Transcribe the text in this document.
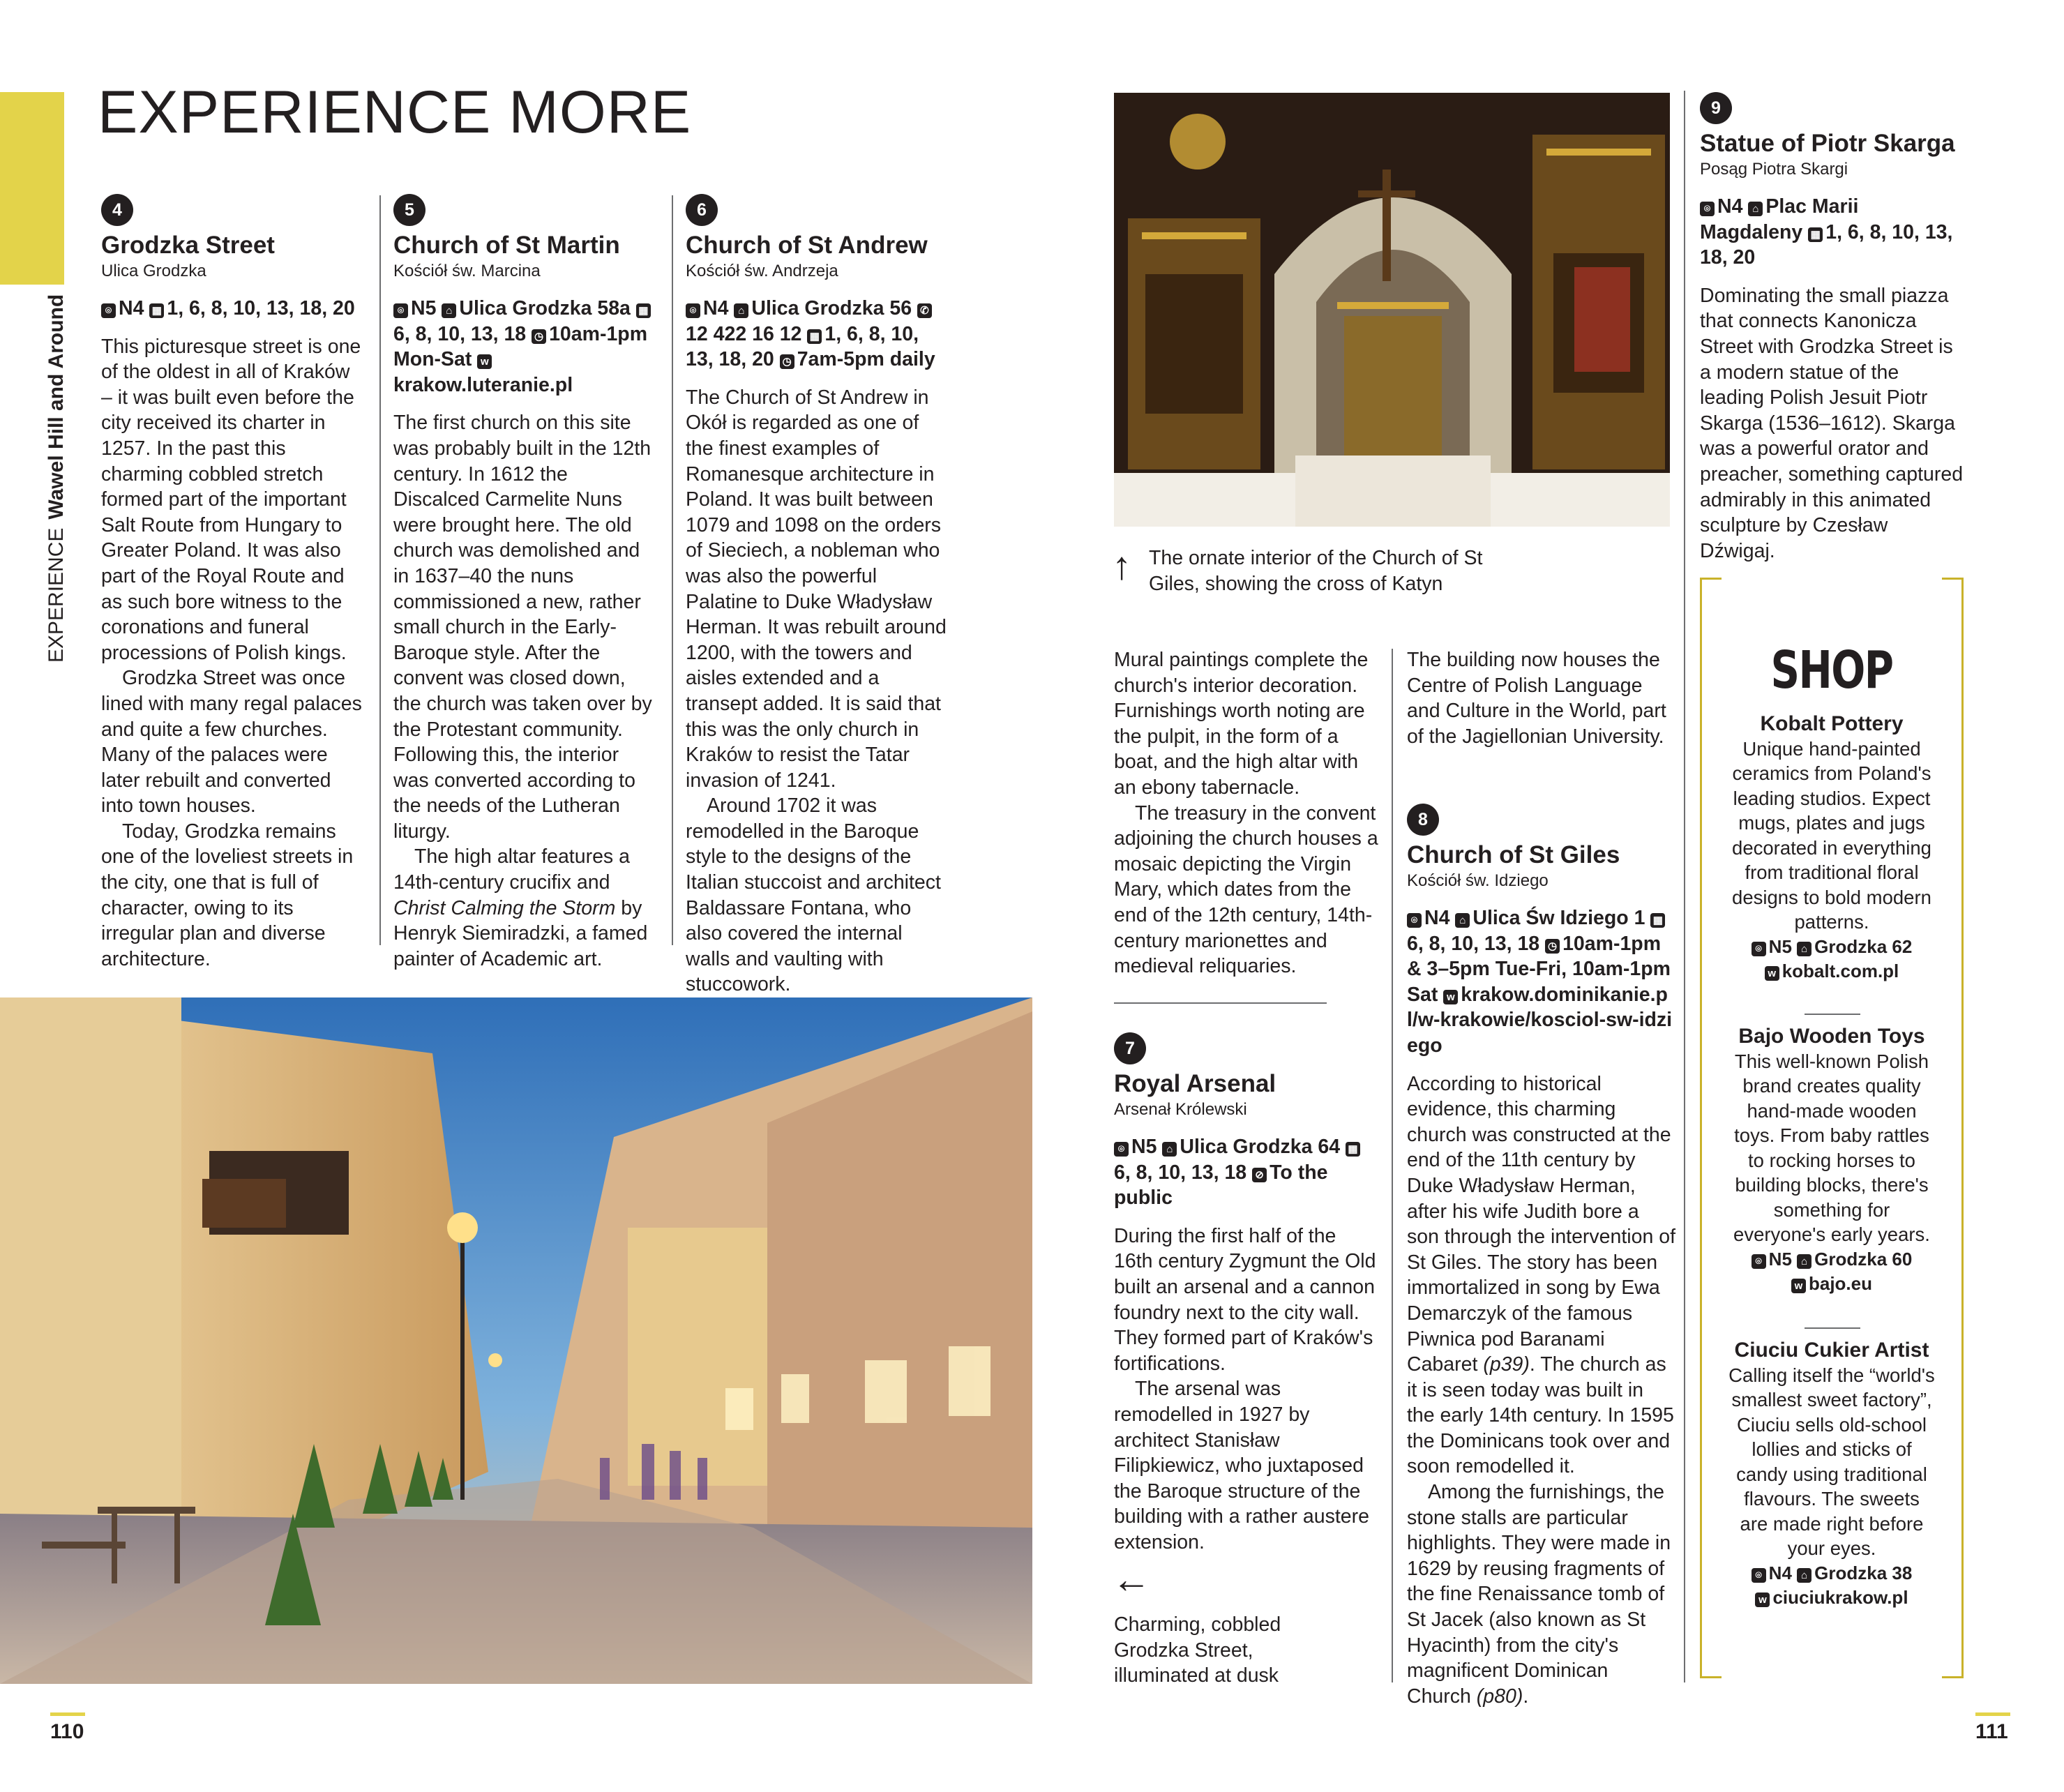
EXPERIENCEWawel Hill and Around
EXPERIENCE MORE
4
Grodzka Street
Ulica Grodzka
⌾ N4 ▦ 1, 6, 8, 10, 13, 18, 20

This picturesque street is one of the oldest in all of Kraków – it was built even before the city received its charter in 1257. In the past this charming cobbled stretch formed part of the important Salt Route from Hungary to Greater Poland. It was also part of the Royal Route and as such bore witness to the coronations and funeral processions of Polish kings.

Grodzka Street was once lined with many regal palaces and quite a few churches. Many of the palaces were later rebuilt and converted into town houses.

Today, Grodzka remains one of the loveliest streets in the city, one that is full of character, owing to its irregular plan and diverse architecture.

5
Church of St Martin
Kościół św. Marcina
⌾ N5 ⌂ Ulica Grodzka 58a ▦6, 8, 10, 13, 18 ◷ 10am-1pm Mon-Sat wkrakow.luteranie.pl

The first church on this site was probably built in the 12th century. In 1612 the Discalced Carmelite Nuns were brought here. The old church was demolished and in 1637–40 the nuns commissioned a new, rather small church in the Early-Baroque style. After the convent was closed down, the church was taken over by the Protestant community. Following this, the interior was converted according to the needs of the Lutheran liturgy.

The high altar features a 14th-century crucifix and Christ Calming the Storm by Henryk Siemiradzki, a famed painter of Academic art.

6
Church of St Andrew
Kościół św. Andrzeja
⌾ N4 ⌂ Ulica Grodzka 56 ✆12 422 16 12 ▦ 1, 6, 8, 10, 13, 18, 20 ◷ 7am-5pm daily

The Church of St Andrew in Okół is regarded as one of the finest examples of Romanesque architecture in Poland. It was built between 1079 and 1098 on the orders of Sieciech, a nobleman who was also the powerful Palatine to Duke Władysław Herman. It was rebuilt around 1200, with the towers and aisles extended and a transept added. It is said that this was the only church in Kraków to resist the Tatar invasion of 1241.

Around 1702 it was remodelled in the Baroque style to the designs of the Italian stuccoist and architect Baldassare Fontana, who also covered the internal walls and vaulting with stuccowork.

↑ The ornate interior of the Church of St Giles, showing the cross of Katyn

Mural paintings complete the church's interior decoration. Furnishings worth noting are the pulpit, in the form of a boat, and the high altar with an ebony tabernacle.

The treasury in the convent adjoining the church houses a mosaic depicting the Virgin Mary, which dates from the end of the 12th century, 14th-century marionettes and medieval reliquaries.

7
Royal Arsenal
Arsenał Królewski
⌾ N5 ⌂ Ulica Grodzka 64 ▦6, 8, 10, 13, 18 ⊘ To the public

During the first half of the 16th century Zygmunt the Old built an arsenal and a cannon foundry next to the city wall. They formed part of Kraków's fortifications.

The arsenal was remodelled in 1927 by architect Stanisław Filipkiewicz, who juxtaposed the Baroque structure of the building with a rather austere extension.

←
Charming, cobbled Grodzka Street, illuminated at dusk

The building now houses the Centre of Polish Language and Culture in the World, part of the Jagiellonian University.

8
Church of St Giles
Kościół św. Idziego
⌾ N4 ⌂ Ulica Św Idziego 1 ▦6, 8, 10, 13, 18 ◷ 10am-1pm & 3–5pm Tue-Fri, 10am-1pm Sat w krakow.dominikanie.pl/w-krakowie/kosciol-sw-idziego

According to historical evidence, this charming church was constructed at the end of the 11th century by Duke Władysław Herman, after his wife Judith bore a son through the intervention of St Giles. The story has been immortalized in song by Ewa Demarczyk of the famous Piwnica pod Baranami Cabaret (p39). The church as it is seen today was built in the early 14th century. In 1595 the Dominicans took over and soon remodelled it.

Among the furnishings, the stone stalls are particular highlights. They were made in 1629 by reusing fragments of the fine Renaissance tomb of St Jacek (also known as St Hyacinth) from the city's magnificent Dominican Church (p80).

9
Statue of Piotr Skarga
Posąg Piotra Skargi
⌾ N4 ⌂ Plac Marii Magdaleny ▦ 1, 6, 8, 10, 13, 18, 20

Dominating the small piazza that connects Kanonicza Street with Grodzka Street is a modern statue of the leading Polish Jesuit Piotr Skarga (1536–1612). Skarga was a powerful orator and preacher, something captured admirably in this animated sculpture by Czesław Dźwigaj.

SHOP
Kobalt Pottery
Unique hand-painted ceramics from Poland's leading studios. Expect mugs, plates and jugs decorated in everything from traditional floral designs to bold modern patterns.
⌾ N5 ⌂ Grodzka 62
w kobalt.com.pl
Bajo Wooden Toys
This well-known Polish brand creates quality hand-made wooden toys. From baby rattles to rocking horses to building blocks, there's something for everyone's early years.
⌾ N5 ⌂ Grodzka 60
w bajo.eu
Ciuciu Cukier Artist
Calling itself the “world's smallest sweet factory”, Ciuciu sells old-school lollies and sticks of candy using traditional flavours. The sweets are made right before your eyes.
⌾ N4 ⌂ Grodzka 38
w ciuciukrakow.pl
110	111
